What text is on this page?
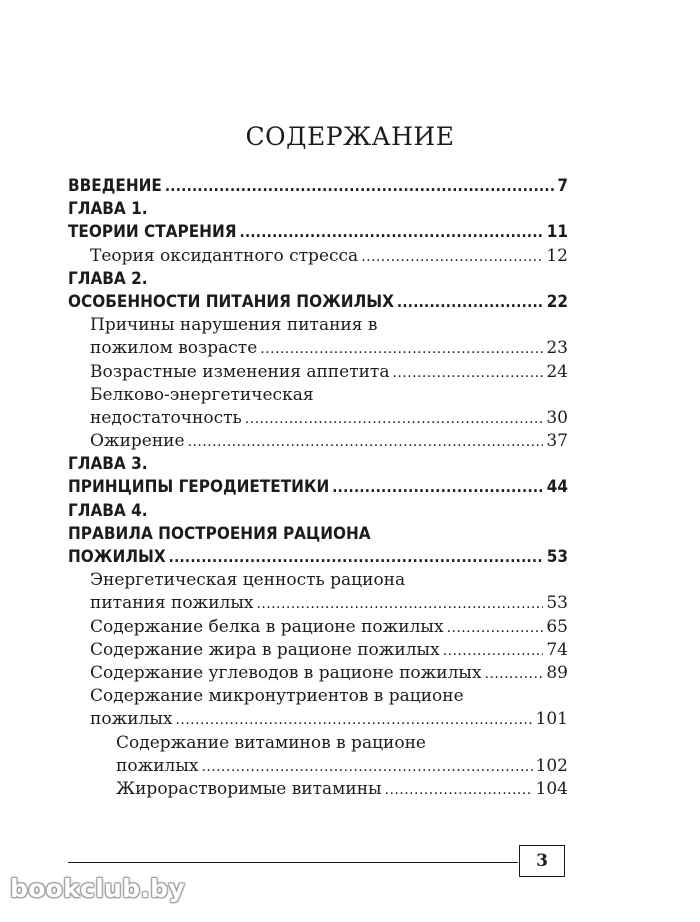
СОДЕРЖАНИЕ
ВВЕДЕНИЕ . . .	7
ГЛАВА 1.
ТЕОРИИ СТАРЕНИЯ . . .	11
Теория оксидантного стресса . . .	12
ГЛАВА 2.
ОСОБЕННОСТИ ПИТАНИЯ ПОЖИЛЫХ . . .	22
Причины нарушения питания в
пожилом возрасте . . .	23
Возрастные изменения аппетита . . .	24
Белково-энергетическая
недостаточность . . .	30
Ожирение . . .	37
ГЛАВА 3.
ПРИНЦИПЫ ГЕРОДИЕТЕТИКИ . . .	44
ГЛАВА 4.
ПРАВИЛА ПОСТРОЕНИЯ РАЦИОНА
ПОЖИЛЫХ . . .	53
Энергетическая ценность рациона
питания пожилых . . .	53
Содержание белка в рационе пожилых . . .	65
Содержание жира в рационе пожилых . . .	74
Содержание углеводов в рационе пожилых . . .	89
Содержание микронутриентов в рационе
пожилых . . .	101
Содержание витаминов в рационе
пожилых . . .	102
Жирорастворимые витамины . . .	104
3
bookclub.by
